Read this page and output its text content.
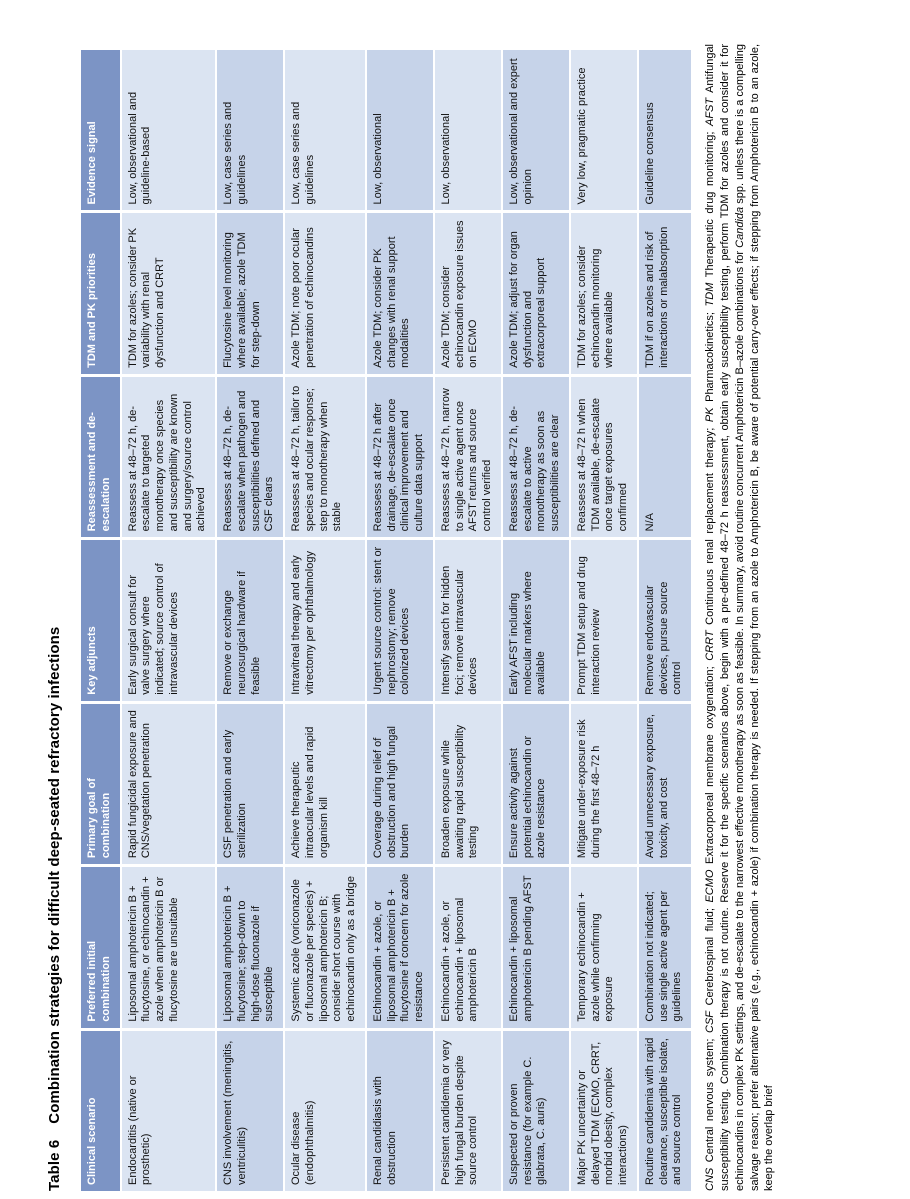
Table 6Combination strategies for difficult deep-seated refractory infections
Clinical scenario	Preferred initial combination	Primary goal of combination	Key adjuncts	Reassessment and de-escalation	TDM and PK priorities	Evidence signal
Endocarditis (native or prosthetic)	Liposomal amphotericin B + flucytosine, or echinocandin + azole when amphotericin B or flucytosine are unsuitable	Rapid fungicidal exposure and CNS/vegetation penetration	Early surgical consult for valve surgery where indicated; source control of intravascular devices	Reassess at 48–72 h, de-escalate to targeted monotherapy once species and susceptibility are known and surgery/source control achieved	TDM for azoles; consider PK variability with renal dysfunction and CRRT	Low, observational and guideline-based
CNS involvement (meningitis, ventriculitis)	Liposomal amphotericin B + flucytosine; step-down to high-dose fluconazole if susceptible	CSF penetration and early sterilization	Remove or exchange neurosurgical hardware if feasible	Reassess at 48–72 h, de-escalate when pathogen and susceptibilities defined and CSF clears	Flucytosine level monitoring where available; azole TDM for step-down	Low, case series and guidelines
Ocular disease (endophthalmitis)	Systemic azole (voriconazole or fluconazole per species) + liposomal amphotericin B; consider short course with echinocandin only as a bridge	Achieve therapeutic intraocular levels and rapid organism kill	Intravitreal therapy and early vitrectomy per ophthalmology	Reassess at 48–72 h, tailor to species and ocular response; step to monotherapy when stable	Azole TDM; note poor ocular penetration of echinocandins	Low, case series and guidelines
Renal candidiasis with obstruction	Echinocandin + azole, or liposomal amphotericin B + flucytosine if concern for azole resistance	Coverage during relief of obstruction and high fungal burden	Urgent source control: stent or nephrostomy; remove colonized devices	Reassess at 48–72 h after drainage, de-escalate once clinical improvement and culture data support	Azole TDM; consider PK changes with renal support modalities	Low, observational
Persistent candidemia or very high fungal burden despite source control	Echinocandin + azole, or echinocandin + liposomal amphotericin B	Broaden exposure while awaiting rapid susceptibility testing	Intensify search for hidden foci; remove intravascular devices	Reassess at 48–72 h, narrow to single active agent once AFST returns and source control verified	Azole TDM; consider echinocandin exposure issues on ECMO	Low, observational
Suspected or proven resistance (for example C. glabrata, C. auris)	Echinocandin + liposomal amphotericin B pending AFST	Ensure activity against potential echinocandin or azole resistance	Early AFST including molecular markers where available	Reassess at 48–72 h, de-escalate to active monotherapy as soon as susceptibilities are clear	Azole TDM; adjust for organ dysfunction and extracorporeal support	Low, observational and expert opinion
Major PK uncertainty or delayed TDM (ECMO, CRRT, morbid obesity, complex interactions)	Temporary echinocandin + azole while confirming exposure	Mitigate under-exposure risk during the first 48–72 h	Prompt TDM setup and drug interaction review	Reassess at 48–72 h when TDM available, de-escalate once target exposures confirmed	TDM for azoles; consider echinocandin monitoring where available	Very low, pragmatic practice
Routine candidemia with rapid clearance, susceptible isolate, and source control	Combination not indicated; use single active agent per guidelines	Avoid unnecessary exposure, toxicity, and cost	Remove endovascular devices, pursue source control	N/A	TDM if on azoles and risk of interactions or malabsorption	Guideline consensus
CNS Central nervous system; CSF Cerebrospinal fluid; ECMO Extracorporeal membrane oxygenation; CRRT Continuous renal replacement therapy; PK Pharmacokinetics; TDM Therapeutic drug monitoring; AFST Antifungal susceptibility testing. Combination therapy is not routine. Reserve it for the specific scenarios above, begin with a pre-defined 48–72 h reassessment, obtain early susceptibility testing, perform TDM for azoles and consider it for echinocandins in complex PK settings, and de-escalate to the narrowest effective monotherapy as soon as feasible. In summary, avoid routine concurrent Amphotericin B–azole combinations for Candida spp. unless there is a compelling salvage reason; prefer alternative pairs (e.g., echinocandin + azole) if combination therapy is needed. If stepping from an azole to Amphotericin B, be aware of potential carry-over effects; if stepping from Amphotericin B to an azole, keep the overlap brief
